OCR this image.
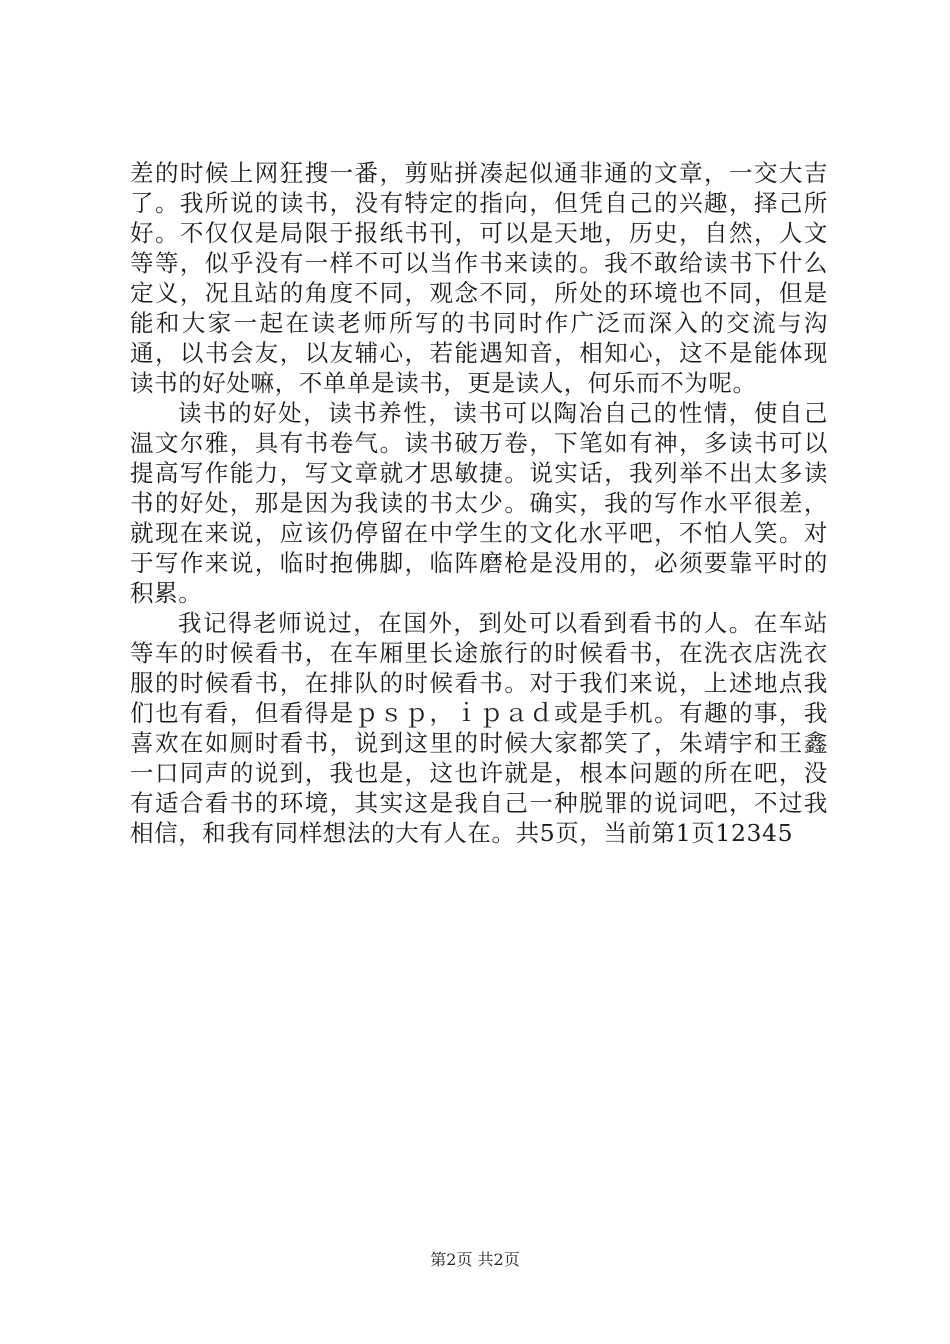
差的时候上网狂搜一番，剪贴拼凑起似通非通的文章，一交大吉了。我所说的读书，没有特定的指向，但凭自己的兴趣，择己所好。不仅仅是局限于报纸书刊，可以是天地，历史，自然，人文等等，似乎没有一样不可以当作书来读的。我不敢给读书下什么定义，况且站的角度不同，观念不同，所处的环境也不同，但是能和大家一起在读老师所写的书同时作广泛而深入的交流与沟通，以书会友，以友辅心，若能遇知音，相知心，这不是能体现读书的好处嘛，不单单是读书，更是读人，何乐而不为呢。

读书的好处，读书养性，读书可以陶冶自己的性情，使自己温文尔雅，具有书卷气。读书破万卷，下笔如有神，多读书可以提高写作能力，写文章就才思敏捷。说实话，我列举不出太多读书的好处，那是因为我读的书太少。确实，我的写作水平很差，就现在来说，应该仍停留在中学生的文化水平吧，不怕人笑。对于写作来说，临时抱佛脚，临阵磨枪是没用的，必须要靠平时的积累。

我记得老师说过，在国外，到处可以看到看书的人。在车站等车的时候看书，在车厢里长途旅行的时候看书，在洗衣店洗衣服的时候看书，在排队的时候看书。对于我们来说，上述地点我们也有看，但看得是ｐｓｐ，ｉｐａｄ或是手机。有趣的事，我喜欢在如厕时看书，说到这里的时候大家都笑了，朱靖宇和王鑫一口同声的说到，我也是，这也许就是，根本问题的所在吧，没有适合看书的环境，其实这是我自己一种脱罪的说词吧，不过我相信，和我有同样想法的大有人在。共5页，当前第1页12345

第2页 共2页
